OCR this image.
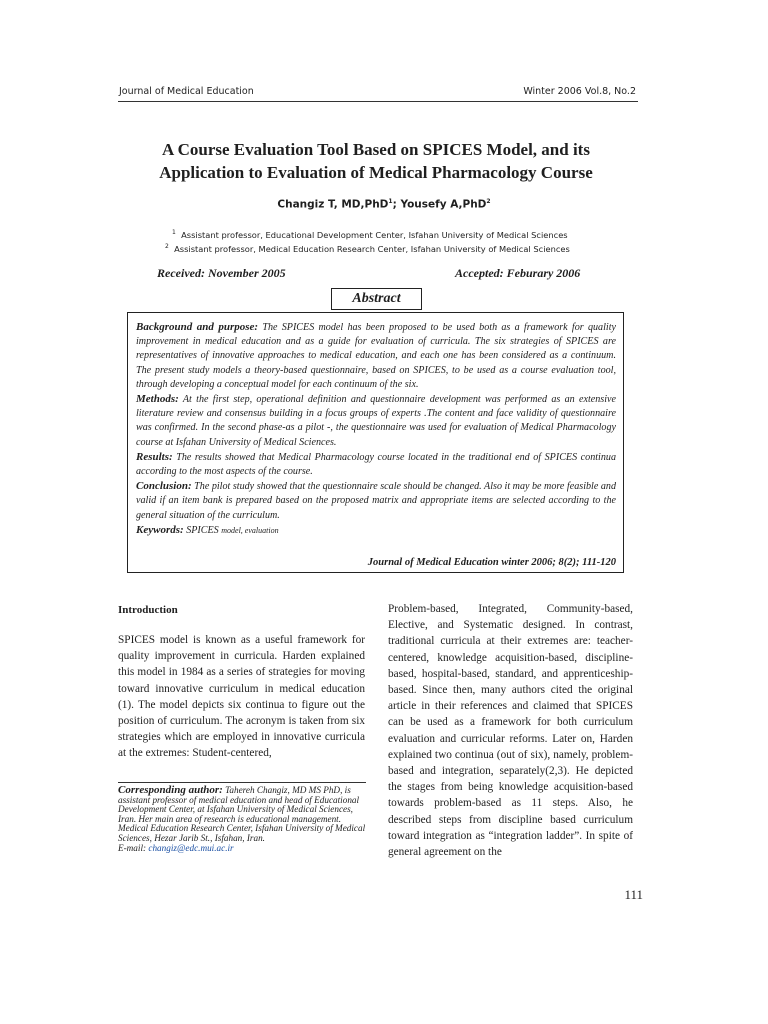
Journal of Medical Education	Winter 2006 Vol.8, No.2
A Course Evaluation Tool Based on SPICES Model, and its
Application to Evaluation of Medical Pharmacology Course
Changiz T, MD,PhD$^1$; Yousefy A,PhD$^2$
$^1$ Assistant professor, Educational Development Center, Isfahan University of Medical Sciences
$^2$ Assistant professor, Medical Education Research Center, Isfahan University of Medical Sciences
Received: November 2005	Accepted: Feburary 2006
Abstract

Background and purpose: The SPICES model has been proposed to be used both as a framework for quality improvement in medical education and as a guide for evaluation of curricula. The six strategies of SPICES are representatives of innovative approaches to medical education, and each one has been considered as a continuum. The present study models a theory-based questionnaire, based on SPICES, to be used as a course evaluation tool, through developing a conceptual model for each continuum of the six.

Methods: At the first step, operational definition and questionnaire development was performed as an extensive literature review and consensus building in a focus groups of experts .The content and face validity of questionnaire was confirmed. In the second phase-as a pilot -, the questionnaire was used for evaluation of Medical Pharmacology course at Isfahan University of Medical Sciences.

Results: The results showed that Medical Pharmacology course located in the traditional end of SPICES continua according to the most aspects of the course.

Conclusion: The pilot study showed that the questionnaire scale should be changed. Also it may be more feasible and valid if an item bank is prepared based on the proposed matrix and appropriate items are selected according to the general situation of the curriculum.

Keywords: SPICES model, evaluation

Journal of Medical Education winter 2006; 8(2); 111-120
Introduction
SPICES model is known as a useful framework for quality improvement in curricula. Harden explained this model in 1984 as a series of strategies for moving toward innovative curriculum in medical education (1). The model depicts six continua to figure out the position of curriculum. The acronym is taken from six strategies which are employed in innovative curricula at the extremes: Student-centered,
Problem-based, Integrated, Community-based, Elective, and Systematic designed. In contrast, traditional curricula at their extremes are: teacher-centered, knowledge acquisition-based, discipline-based, hospital-based, standard, and apprenticeship- based. Since then, many authors cited the original article in their references and claimed that SPICES can be used as a framework for both curriculum evaluation and curricular reforms. Later on, Harden explained two continua (out of six), namely, problem-based and integration, separately(2,3). He depicted the stages from being knowledge acquisition-based towards problem-based as 11 steps. Also, he described steps from discipline based curriculum toward integration as “integration ladder”. In spite of general agreement on the
Corresponding author: Tahereh Changiz, MD MS PhD, is assistant professor of medical education and head of Educational Development Center, at Isfahan University of Medical Sciences, Iran. Her main area of research is educational management.
Medical Education Research Center, Isfahan University of Medical Sciences, Hezar Jarib St., Isfahan, Iran.
E-mail: changiz@edc.mui.ac.ir
111
